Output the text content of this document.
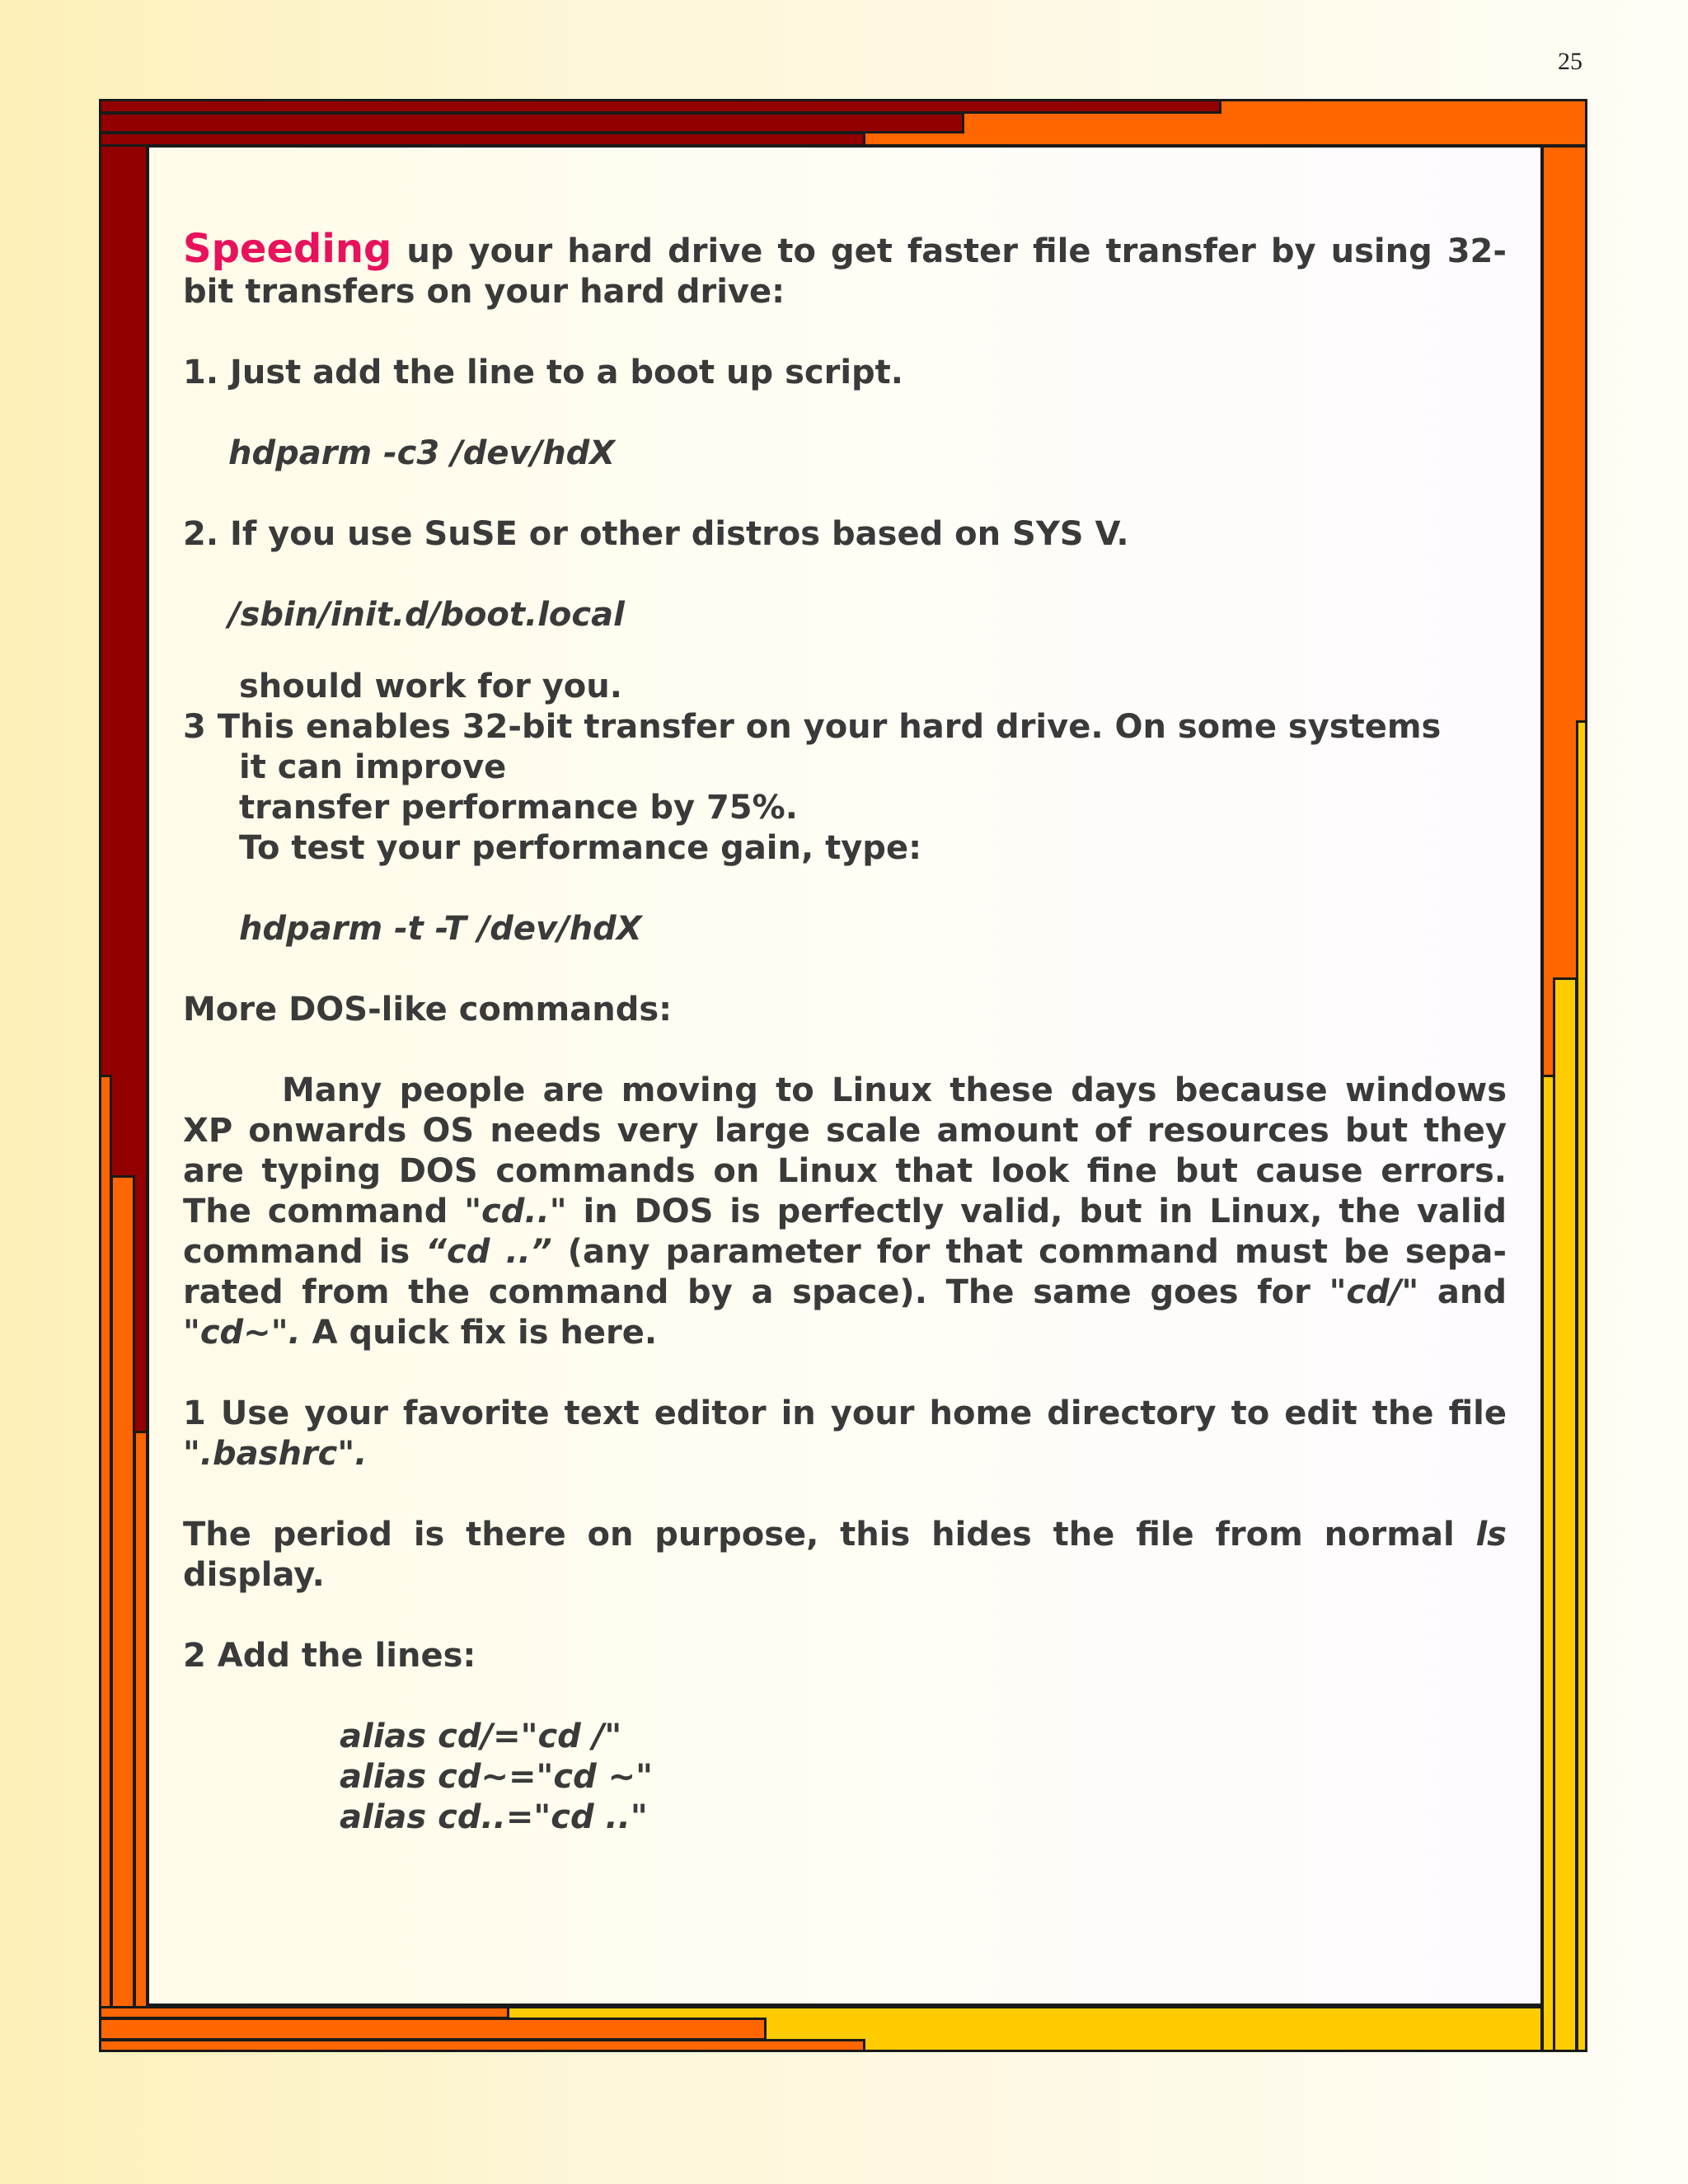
25

Speeding up your hard drive to get faster file transfer by using 32-bit transfers on your hard drive:

1. Just add the line to a boot up script.

hdparm -c3 /dev/hdX

2. If you use SuSE or other distros based on SYS V.

/sbin/init.d/boot.local

should work for you.

3 This enables 32-bit transfer on your hard drive. On some systems

it can improve

transfer performance by 75%.

To test your performance gain, type:

hdparm -t -T /dev/hdX

More DOS-like commands:

Many people are moving to Linux these days because windows XP onwards OS needs very large scale amount of resources but they are typing DOS commands on Linux that look fine but cause errors. The command "cd.." in DOS is perfectly valid, but in Linux, the valid command is “cd ..” (any parameter for that command must be sepa-rated from the command by a space). The same goes for "cd/" and "cd~". A quick fix is here.

1 Use your favorite text editor in your home directory to edit the file ".bashrc".

The period is there on purpose, this hides the file from normal ls display.

2 Add the lines:

alias cd/="cd /"

alias cd~="cd ~"

alias cd..="cd .."
